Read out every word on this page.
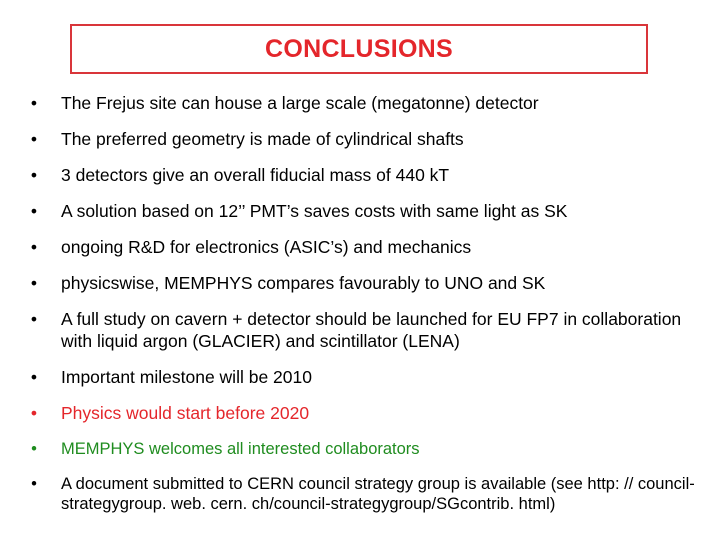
CONCLUSIONS
• The Frejus site can house a large scale (megatonne) detector
• The preferred geometry is made of cylindrical shafts
• 3 detectors give an overall fiducial mass of 440 kT
• A solution based on 12’’ PMT’s saves costs with same light as SK
• ongoing R&D for electronics (ASIC’s) and mechanics
• physicswise, MEMPHYS compares favourably to UNO and SK
• A full study on cavern + detector should be launched for EU FP7 in collaboration with liquid argon (GLACIER) and scintillator (LENA)
• Important milestone will be 2010
• Physics would start before 2020
• MEMPHYS welcomes all interested collaborators
• A document submitted to CERN council strategy group is available (see http: // council-strategygroup. web. cern. ch/council-strategygroup/SGcontrib. html)
